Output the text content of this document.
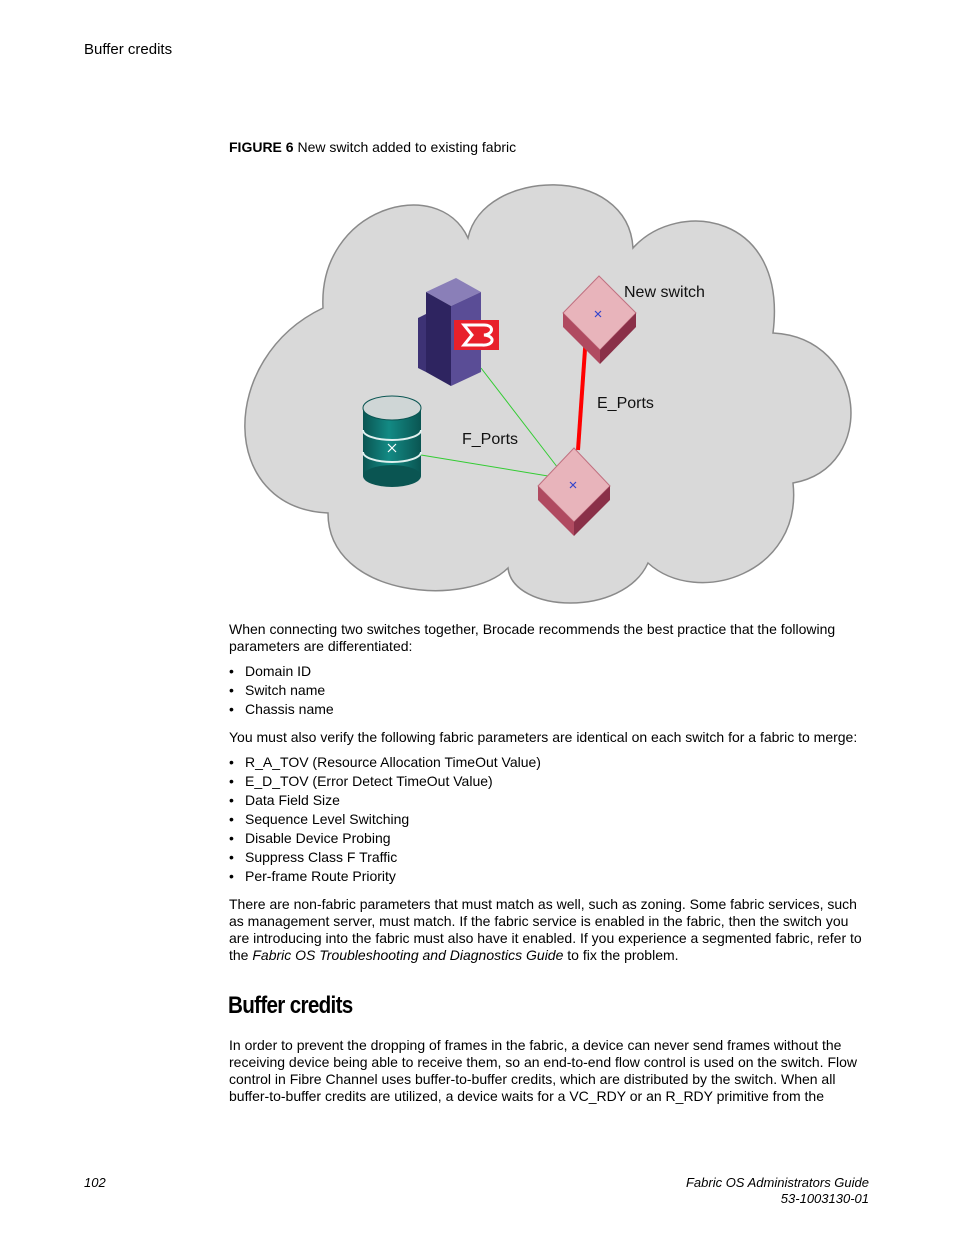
Buffer credits
FIGURE 6 New switch added to existing fabric
New switch
E_Ports
F_Ports
When connecting two switches together, Brocade recommends the best practice that the following parameters are differentiated:
• Domain ID
• Switch name
• Chassis name
You must also verify the following fabric parameters are identical on each switch for a fabric to merge:
• R_A_TOV (Resource Allocation TimeOut Value)
• E_D_TOV (Error Detect TimeOut Value)
• Data Field Size
• Sequence Level Switching
• Disable Device Probing
• Suppress Class F Traffic
• Per-frame Route Priority
There are non-fabric parameters that must match as well, such as zoning. Some fabric services, such as management server, must match. If the fabric service is enabled in the fabric, then the switch you are introducing into the fabric must also have it enabled. If you experience a segmented fabric, refer to the Fabric OS Troubleshooting and Diagnostics Guide to fix the problem.
Buffer credits
In order to prevent the dropping of frames in the fabric, a device can never send frames without the receiving device being able to receive them, so an end-to-end flow control is used on the switch. Flow control in Fibre Channel uses buffer-to-buffer credits, which are distributed by the switch. When all buffer-to-buffer credits are utilized, a device waits for a VC_RDY or an R_RDY primitive from the
102	Fabric OS Administrators Guide
53-1003130-01
